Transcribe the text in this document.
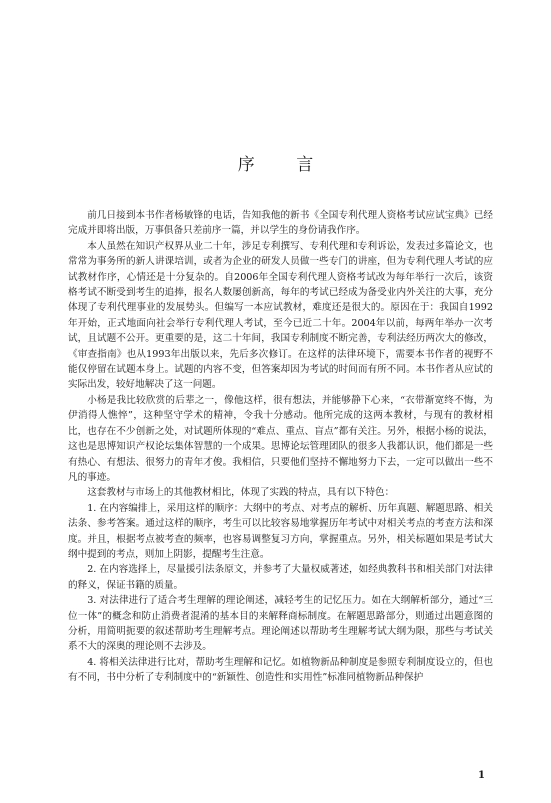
序 言

前几日接到本书作者杨敏锋的电话，告知我他的新书《全国专利代理人资格考试应试宝典》已经完成并即将出版，万事俱备只差前序一篇，并以学生的身份请我作序。

本人虽然在知识产权界从业二十年，涉足专利撰写、专利代理和专利诉讼，发表过多篇论文，也常常为事务所的新人讲课培训，或者为企业的研发人员做一些专门的讲座，但为专利代理人考试的应试教材作序，心情还是十分复杂的。自2006年全国专利代理人资格考试改为每年举行一次后，该资格考试不断受到考生的追捧，报名人数屡创新高，每年的考试已经成为备受业内外关注的大事，充分体现了专利代理事业的发展势头。但编写一本应试教材，难度还是很大的。原因在于：我国自1992年开始，正式地面向社会举行专利代理人考试，至今已近二十年。2004年以前，每两年举办一次考试，且试题不公开。更重要的是，这二十年间，我国专利制度不断完善，专利法经历两次大的修改，《审查指南》也从1993年出版以来，先后多次修订。在这样的法律环境下，需要本书作者的视野不能仅停留在试题本身上。试题的内容不变，但答案却因为考试的时间而有所不同。本书作者从应试的实际出发，较好地解决了这一问题。

小杨是我比较欣赏的后辈之一，像他这样，很有想法，并能够静下心来，“衣带渐宽终不悔，为伊消得人憔悴”，这种坚守学术的精神，令我十分感动。他所完成的这两本教材，与现有的教材相比，也存在不少创新之处，对试题所体现的“难点、重点、盲点”都有关注。另外，根据小杨的说法，这也是思博知识产权论坛集体智慧的一个成果。思博论坛管理团队的很多人我都认识，他们都是一些有热心、有想法、很努力的青年才俊。我相信，只要他们坚持不懈地努力下去，一定可以做出一些不凡的事迹。

这套教材与市场上的其他教材相比，体现了实践的特点，具有以下特色：

1. 在内容编排上，采用这样的顺序：大纲中的考点、对考点的解析、历年真题、解题思路、相关法条、参考答案。通过这样的顺序，考生可以比较容易地掌握历年考试中对相关考点的考查方法和深度。并且，根据考点被考查的频率，也容易调整复习方向，掌握重点。另外，相关标题如果是考试大纲中提到的考点，则加上阴影，提醒考生注意。

2. 在内容选择上，尽量援引法条原文，并参考了大量权威著述，如经典教科书和相关部门对法律的释义，保证书籍的质量。

3. 对法律进行了适合考生理解的理论阐述，减轻考生的记忆压力。如在大纲解析部分，通过“三位一体”的概念和防止消费者混淆的基本目的来解释商标制度。在解题思路部分，则通过出题意图的分析，用简明扼要的叙述帮助考生理解考点。理论阐述以帮助考生理解考试大纲为限，那些与考试关系不大的深奥的理论则不去涉及。

4. 将相关法律进行比对，帮助考生理解和记忆。如植物新品种制度是参照专利制度设立的，但也有不同，书中分析了专利制度中的“新颖性、创造性和实用性”标准同植物新品种保护

1
